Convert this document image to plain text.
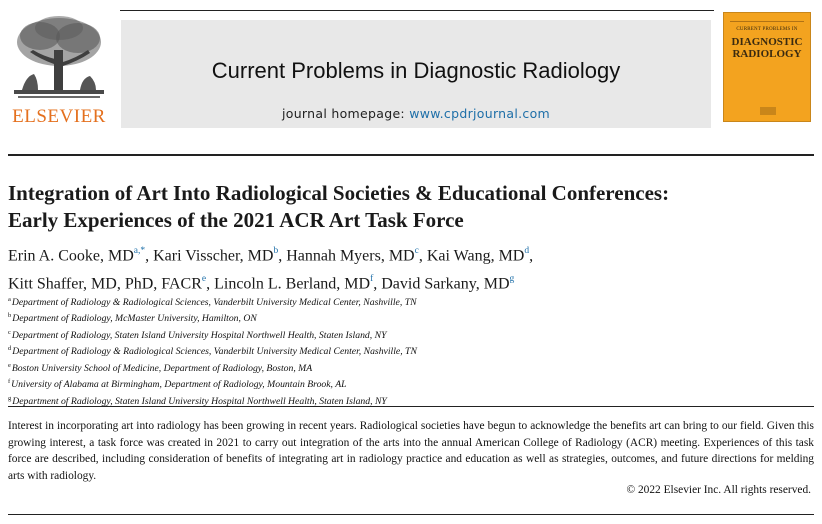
ELSEVIER
Current Problems in Diagnostic Radiology
journal homepage: www.cpdrjournal.com
CURRENT PROBLEMS IN
DIAGNOSTIC
RADIOLOGY
Integration of Art Into Radiological Societies & Educational Conferences:
Early Experiences of the 2021 ACR Art Task Force
Erin A. Cooke, $MD^{a,*}$, Kari Visscher, $MD^b$, Hannah Myers, $MD^c$, Kai Wang, $MD^d$,
Kitt Shaffer, MD, PhD, FACR$^e$, Lincoln L. Berland, $MD^f$, David Sarkany, $MD^g$
$^a$Department of Radiology & Radiological Sciences, Vanderbilt University Medical Center, Nashville, TN
$^b$Department of Radiology, McMaster University, Hamilton, ON
$^c$Department of Radiology, Staten Island University Hospital Northwell Health, Staten Island, NY
$^d$Department of Radiology & Radiological Sciences, Vanderbilt University Medical Center, Nashville, TN
$^e$Boston University School of Medicine, Department of Radiology, Boston, MA
$^f$University of Alabama at Birmingham, Department of Radiology, Mountain Brook, AL
$^g$Department of Radiology, Staten Island University Hospital Northwell Health, Staten Island, NY

Interest in incorporating art into radiology has been growing in recent years. Radiological societies have begun to acknowledge the benefits art can bring to our field. Given this growing interest, a task force was created in 2021 to carry out integration of the arts into the annual American College of Radiology (ACR) meeting. Experiences of this task force are described, including consideration of benefits of integrating art in radiology practice and education as well as strategies, outcomes, and future directions for melding arts with radiology.

© 2022 Elsevier Inc. All rights reserved.
